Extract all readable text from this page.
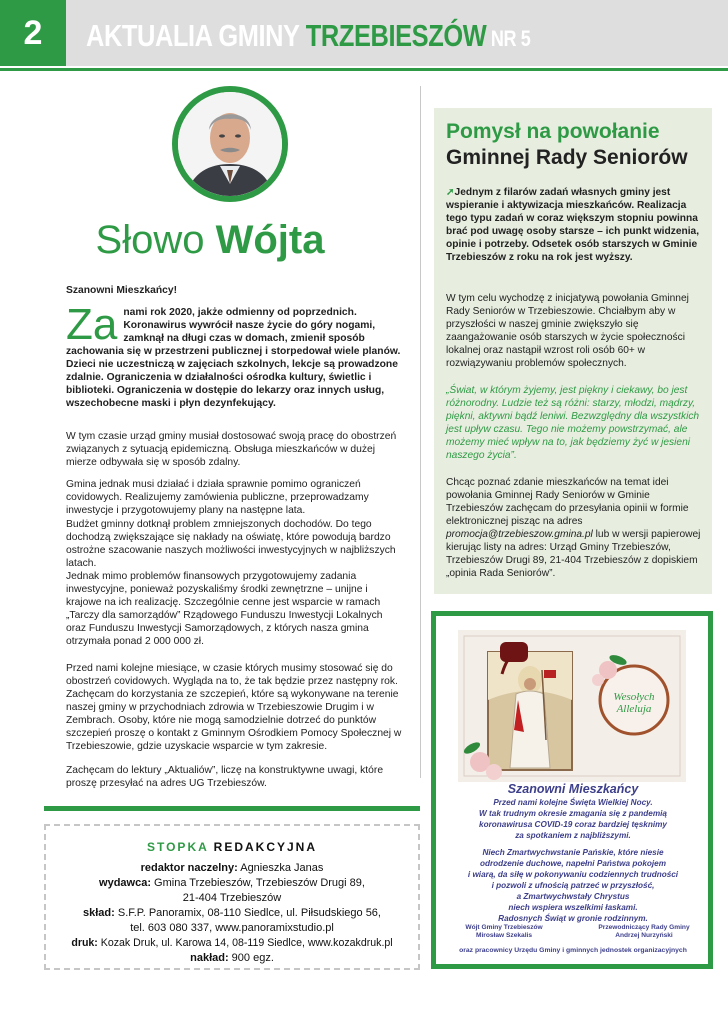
2	AKTUALIA GMINY TRZEBIESZÓW NR 5
Słowo Wójta
Szanowni Mieszkańcy!
Za nami rok 2020, jakże odmienny od poprzednich. Koronawirus wywrócił nasze życie do góry nogami, zamknął na długi czas w domach, zmienił sposób zachowania się w przestrzeni publicznej i storpedował wiele planów. Dzieci nie uczestniczą w zajęciach szkolnych, lekcje są prowadzone zdalnie. Ograniczenia w działalności ośrodka kultury, świetlic i biblioteki. Ograniczenia w dostępie do lekarzy oraz innych usług, wszechobecne maski i płyn dezynfekujący.
W tym czasie urząd gminy musiał dostosować swoją pracę do obostrzeń związanych z sytuacją epidemiczną. Obsługa mieszkańców w dużej mierze odbywała się w sposób zdalny.
Gmina jednak musi działać i działa sprawnie pomimo ograniczeń covidowych. Realizujemy zamówienia publiczne, przeprowadzamy inwestycje i przygotowujemy plany na następne lata.
Budżet gminny dotknął problem zmniejszonych dochodów. Do tego dochodzą zwiększające się nakłady na oświatę, które powodują bardzo ostrożne szacowanie naszych możliwości inwestycyjnych w najbliższych latach.
Jednak mimo problemów finansowych przygotowujemy zadania inwestycyjne, ponieważ pozyskaliśmy środki zewnętrzne – unijne i krajowe na ich realizację. Szczególnie cenne jest wsparcie w ramach „Tarczy dla samorządów” Rządowego Funduszu Inwestycji Lokalnych oraz Funduszu Inwestycji Samorządowych, z których nasza gmina otrzymała ponad 2 000 000 zł.
Przed nami kolejne miesiące, w czasie których musimy stosować się do obostrzeń covidowych. Wygląda na to, że tak będzie przez następny rok. Zachęcam do korzystania ze szczepień, które są wykonywane na terenie naszej gminy w przychodniach zdrowia w Trzebieszowie Drugim i w Zembrach. Osoby, które nie mogą samodzielnie dotrzeć do punktów szczepień proszę o kontakt z Gminnym Ośrodkiem Pomocy Społecznej w Trzebieszowie, gdzie uzyskacie wsparcie w tym zakresie.
Zachęcam do lektury „Aktualiów”, liczę na konstruktywne uwagi, które proszę przesyłać na adres UG Trzebieszów.
STOPKA REDAKCYJNA
redaktor naczelny: Agnieszka Janas
wydawca: Gmina Trzebieszów, Trzebieszów Drugi 89,
21-404 Trzebieszów
skład: S.F.P. Panoramix, 08-110 Siedlce, ul. Piłsudskiego 56,
tel. 603 080 337, www.panoramixstudio.pl
druk: Kozak Druk, ul. Karowa 14, 08-119 Siedlce, www.kozakdruk.pl
nakład: 900 egz.
Pomysł na powołanie
Gminnej Rady Seniorów
➚Jednym z filarów zadań własnych gminy jest wspieranie i aktywizacja mieszkańców. Realizacja tego typu zadań w coraz większym stopniu powinna brać pod uwagę osoby starsze – ich punkt widzenia, opinie i potrzeby. Odsetek osób starszych w Gminie Trzebieszów z roku na rok jest wyższy.
W tym celu wychodzę z inicjatywą powołania Gminnej Rady Seniorów w Trzebieszowie. Chciałbym aby w przyszłości w naszej gminie zwiększyło się zaangażowanie osób starszych w życie społeczności lokalnej oraz nastąpił wzrost roli osób 60+ w rozwiązywaniu problemów społecznych.
„Świat, w którym żyjemy, jest piękny i ciekawy, bo jest różnorodny. Ludzie też są różni: starzy, młodzi, mądrzy, piękni, aktywni bądź leniwi. Bezwzględny dla wszystkich jest upływ czasu. Tego nie możemy powstrzymać, ale możemy mieć wpływ na to, jak będziemy żyć w jesieni naszego życia”.
Chcąc poznać zdanie mieszkańców na temat idei powołania Gminnej Rady Seniorów w Gminie Trzebieszów zachęcam do przesyłania opinii w formie elektronicznej pisząc na adres promocja@trzebieszow.gmina.pl lub w wersji papierowej kierując listy na adres: Urząd Gminy Trzebieszów, Trzebieszów Drugi 89, 21-404 Trzebieszów z dopiskiem „opinia Rada Seniorów”.
Wesołych
Alleluja
Szanowni Mieszkańcy

Przed nami kolejne Święta Wielkiej Nocy.

W tak trudnym okresie zmagania się z pandemią

koronawirusa COVID-19 coraz bardziej tęsknimy

za spotkaniem z najbliższymi.

Niech Zmartwychwstanie Pańskie, które niesie

odrodzenie duchowe, napełni Państwa pokojem

i wiarą, da siłę w pokonywaniu codziennych trudności

i pozwoli z ufnością patrzeć w przyszłość,

a Zmartwychwstały Chrystus

niech wspiera wszelkimi łaskami.

Radosnych Świąt w gronie rodzinnym.

Wójt Gminy Trzebieszów
Mirosław Szekalis
Przewodniczący Rady Gminy
Andrzej Nurzyński
oraz pracownicy Urzędu Gminy i gminnych jednostek organizacyjnych
